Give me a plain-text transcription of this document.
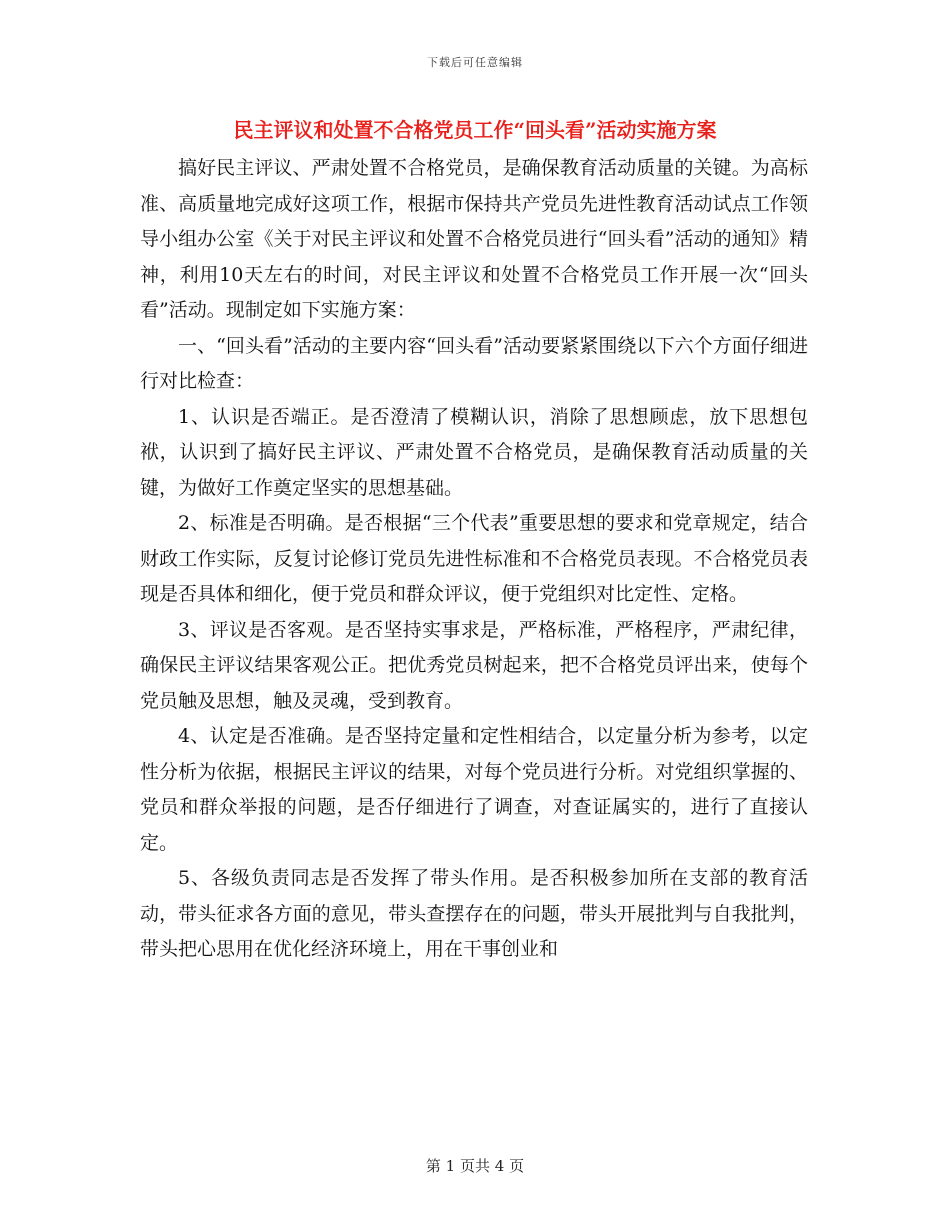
下载后可任意编辑
民主评议和处置不合格党员工作“回头看”活动实施方案

搞好民主评议、严肃处置不合格党员，是确保教育活动质量的关键。为高标准、高质量地完成好这项工作，根据市保持共产党员先进性教育活动试点工作领导小组办公室《关于对民主评议和处置不合格党员进行“回头看”活动的通知》精神，利用10天左右的时间，对民主评议和处置不合格党员工作开展一次“回头看”活动。现制定如下实施方案：

一、“回头看”活动的主要内容“回头看”活动要紧紧围绕以下六个方面仔细进行对比检查：

1、认识是否端正。是否澄清了模糊认识，消除了思想顾虑，放下思想包袱，认识到了搞好民主评议、严肃处置不合格党员，是确保教育活动质量的关键，为做好工作奠定坚实的思想基础。

2、标准是否明确。是否根据“三个代表”重要思想的要求和党章规定，结合财政工作实际，反复讨论修订党员先进性标准和不合格党员表现。不合格党员表现是否具体和细化，便于党员和群众评议，便于党组织对比定性、定格。

3、评议是否客观。是否坚持实事求是，严格标准，严格程序，严肃纪律，确保民主评议结果客观公正。把优秀党员树起来，把不合格党员评出来，使每个党员触及思想，触及灵魂，受到教育。

4、认定是否准确。是否坚持定量和定性相结合，以定量分析为参考，以定性分析为依据，根据民主评议的结果，对每个党员进行分析。对党组织掌握的、党员和群众举报的问题，是否仔细进行了调查，对查证属实的，进行了直接认定。

5、各级负责同志是否发挥了带头作用。是否积极参加所在支部的教育活动，带头征求各方面的意见，带头查摆存在的问题，带头开展批判与自我批判，带头把心思用在优化经济环境上，用在干事创业和

第 1 页共 4 页
